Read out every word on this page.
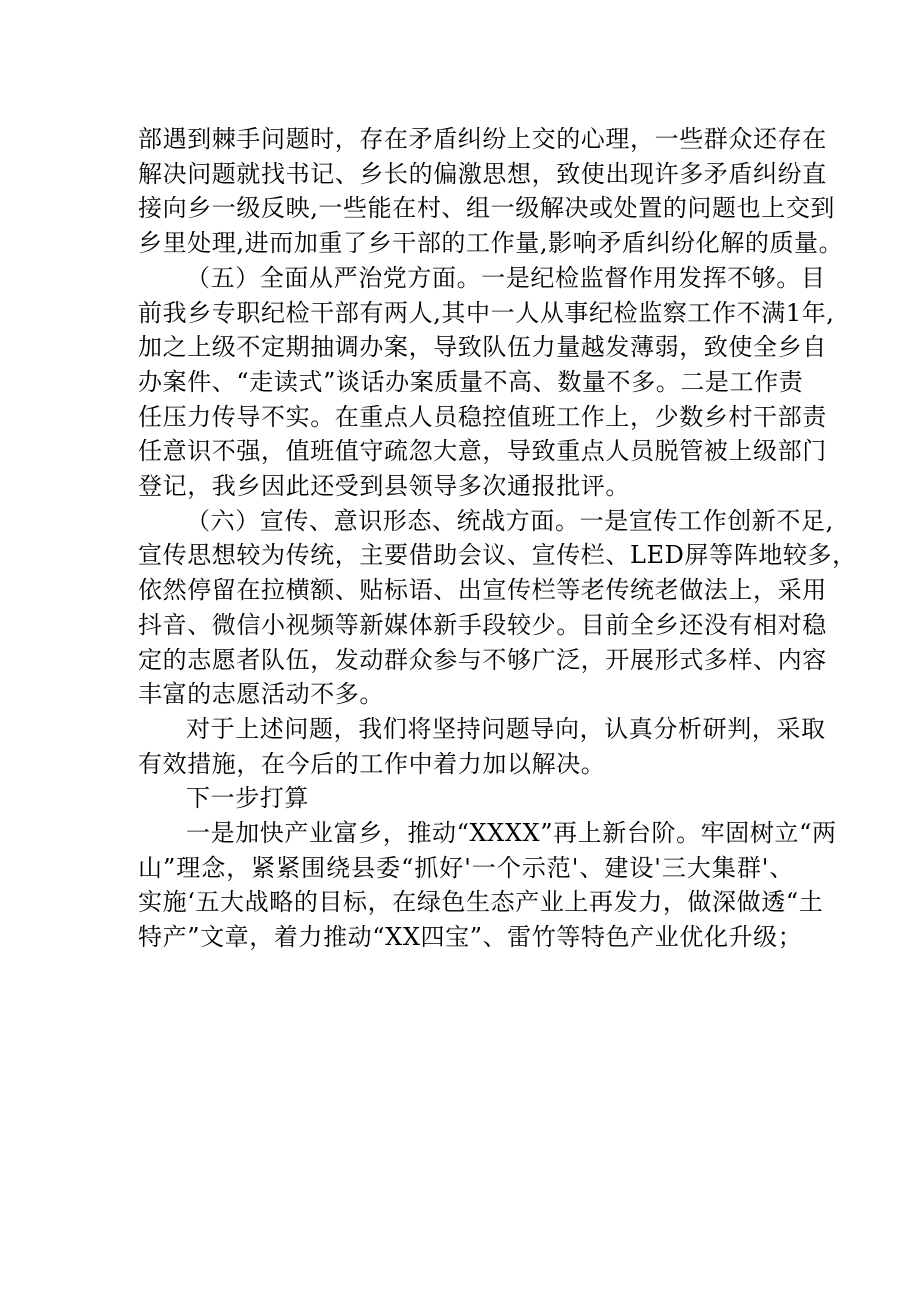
部遇到棘手问题时，存在矛盾纠纷上交的心理，一些群众还存在
解决问题就找书记、乡长的偏激思想，致使出现许多矛盾纠纷直
接向乡一级反映,一些能在村、组一级解决或处置的问题也上交到
乡里处理,进而加重了乡干部的工作量,影响矛盾纠纷化解的质量。
（五）全面从严治党方面。一是纪检监督作用发挥不够。目
前我乡专职纪检干部有两人,其中一人从事纪检监察工作不满1年,
加之上级不定期抽调办案，导致队伍力量越发薄弱，致使全乡自
办案件、“走读式”谈话办案质量不高、数量不多。二是工作责
任压力传导不实。在重点人员稳控值班工作上，少数乡村干部责
任意识不强，值班值守疏忽大意，导致重点人员脱管被上级部门
登记，我乡因此还受到县领导多次通报批评。
（六）宣传、意识形态、统战方面。一是宣传工作创新不足,
宣传思想较为传统，主要借助会议、宣传栏、LED屏等阵地较多，
依然停留在拉横额、贴标语、出宣传栏等老传统老做法上，采用
抖音、微信小视频等新媒体新手段较少。目前全乡还没有相对稳
定的志愿者队伍，发动群众参与不够广泛，开展形式多样、内容
丰富的志愿活动不多。
对于上述问题，我们将坚持问题导向，认真分析研判，采取
有效措施，在今后的工作中着力加以解决。
下一步打算
一是加快产业富乡，推动“XXXX”再上新台阶。牢固树立“两
山”理念，紧紧围绕县委“抓好'一个示范'、建设'三大集群'、
实施‘五大战略的目标，在绿色生态产业上再发力，做深做透“土
特产”文章，着力推动“XX四宝”、雷竹等特色产业优化升级；
